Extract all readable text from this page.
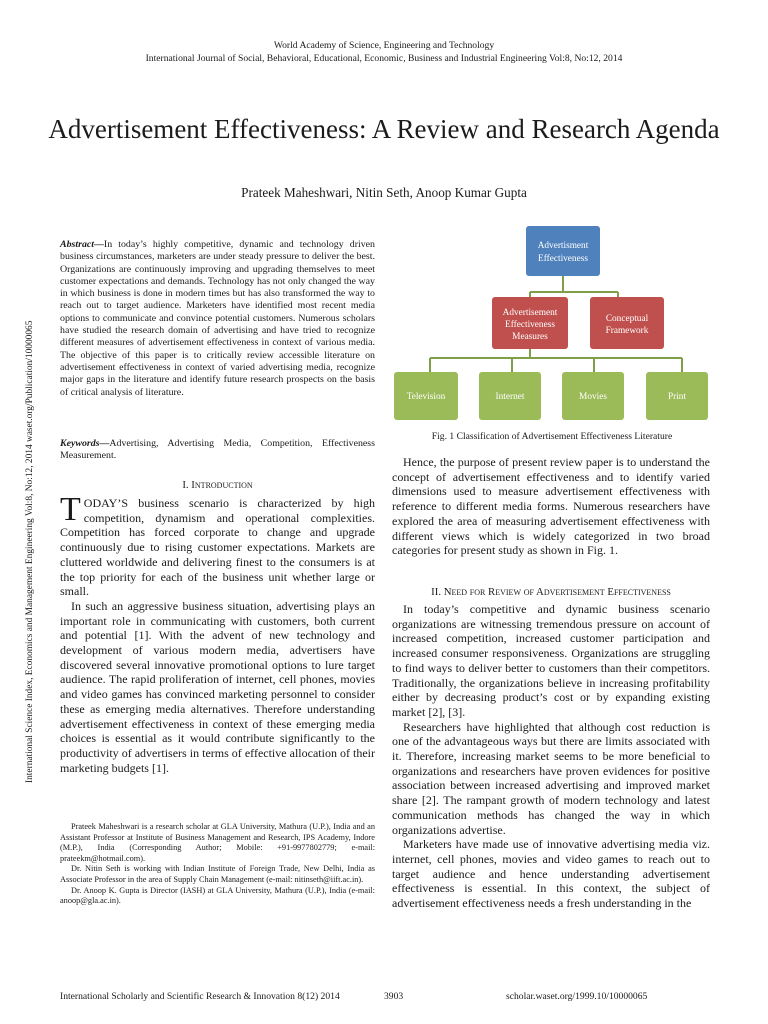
World Academy of Science, Engineering and Technology
International Journal of Social, Behavioral, Educational, Economic, Business and Industrial Engineering Vol:8, No:12, 2014
Advertisement Effectiveness: A Review and Research Agenda
Prateek Maheshwari, Nitin Seth, Anoop Kumar Gupta
International Science Index, Economics and Management Engineering Vol:8, No:12, 2014 waset.org/Publication/10000065
Abstract—In today’s highly competitive, dynamic and technology driven business circumstances, marketers are under steady pressure to deliver the best. Organizations are continuously improving and upgrading themselves to meet customer expectations and demands. Technology has not only changed the way in which business is done in modern times but has also transformed the way to reach out to target audience. Marketers have identified most recent media options to communicate and convince potential customers. Numerous scholars have studied the research domain of advertising and have tried to recognize different measures of advertisement effectiveness in context of various media. The objective of this paper is to critically review accessible literature on advertisement effectiveness in context of varied advertising media, recognize major gaps in the literature and identify future research prospects on the basis of critical analysis of literature.
Keywords—Advertising, Advertising Media, Competition, Effectiveness Measurement.
I. Introduction

TODAY’S business scenario is characterized by high competition, dynamism and operational complexities. Competition has forced corporate to change and upgrade continuously due to rising customer expectations. Markets are cluttered worldwide and delivering finest to the consumers is at the top priority for each of the business unit whether large or small.

In such an aggressive business situation, advertising plays an important role in communicating with customers, both current and potential [1]. With the advent of new technology and development of various modern media, advertisers have discovered several innovative promotional options to lure target audience. The rapid proliferation of internet, cell phones, movies and video games has convinced marketing personnel to consider these as emerging media alternatives. Therefore understanding advertisement effectiveness in context of these emerging media choices is essential as it would contribute significantly to the productivity of advertisers in terms of effective allocation of their marketing budgets [1].

Prateek Maheshwari is a research scholar at GLA University, Mathura (U.P.), India and an Assistant Professor at Institute of Business Management and Research, IPS Academy, Indore (M.P.), India (Corresponding Author; Mobile: +91-9977802779; e-mail: prateekm@hotmail.com).

Dr. Nitin Seth is working with Indian Institute of Foreign Trade, New Delhi, India as Associate Professor in the area of Supply Chain Management (e-mail: nitinseth@iift.ac.in).

Dr. Anoop K. Gupta is Director (IASH) at GLA University, Mathura (U.P.), India (e-mail: anoop@gla.ac.in).

Advertisment
Effectiveness
Advertisement
Effectiveness
Measures
Conceptual
Framework
Television	Internet	Movies	Print
Fig. 1 Classification of Advertisement Effectiveness Literature

Hence, the purpose of present review paper is to understand the concept of advertisement effectiveness and to identify varied dimensions used to measure advertisement effectiveness with reference to different media forms. Numerous researchers have explored the area of measuring advertisement effectiveness with different views which is widely categorized in two broad categories for present study as shown in Fig. 1.

II. Need for Review of Advertisement Effectiveness

In today’s competitive and dynamic business scenario organizations are witnessing tremendous pressure on account of increased competition, increased customer participation and increased consumer responsiveness. Organizations are struggling to find ways to deliver better to customers than their competitors. Traditionally, the organizations believe in increasing profitability either by decreasing product’s cost or by expanding existing market [2], [3].

Researchers have highlighted that although cost reduction is one of the advantageous ways but there are limits associated with it. Therefore, increasing market seems to be more beneficial to organizations and researchers have proven evidences for positive association between increased advertising and improved market share [2]. The rampant growth of modern technology and latest communication methods has changed the way in which organizations advertise.

Marketers have made use of innovative advertising media viz. internet, cell phones, movies and video games to reach out to target audience and hence understanding advertisement effectiveness is essential. In this context, the subject of advertisement effectiveness needs a fresh understanding in the

International Scholarly and Scientific Research & Innovation 8(12) 2014	3903	scholar.waset.org/1999.10/10000065
